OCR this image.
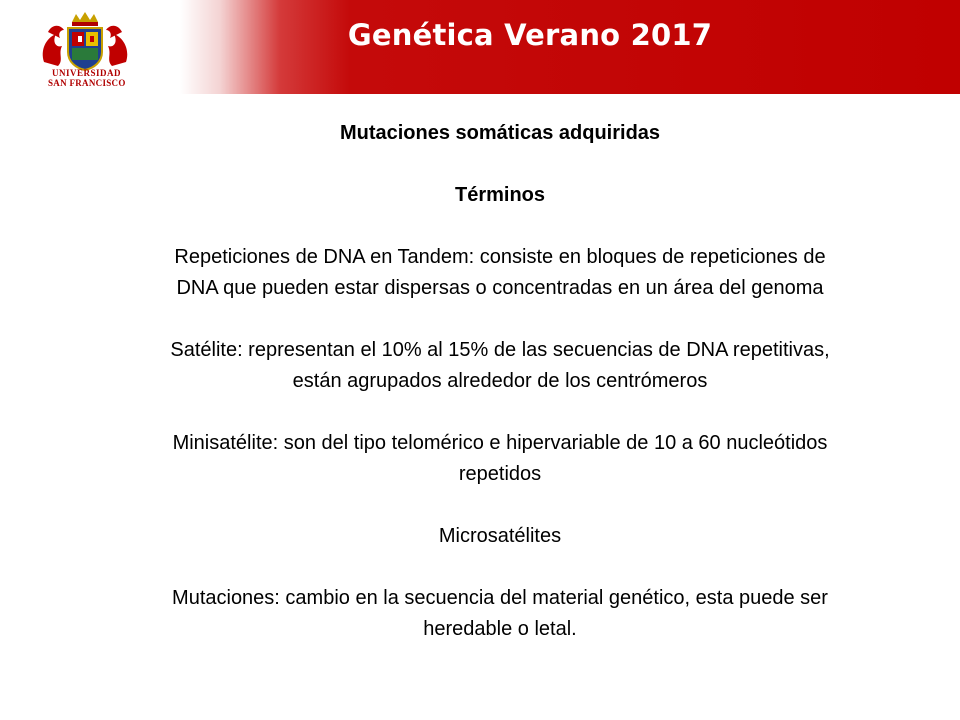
Genética Verano 2017
UNIVERSIDAD
SAN FRANCISCO

Mutaciones somáticas adquiridas

Términos

Repeticiones de DNA en Tandem: consiste en bloques de repeticiones de

DNA que pueden estar dispersas o concentradas en un área del genoma

Satélite: representan el 10% al 15% de las secuencias de DNA repetitivas,

están agrupados alrededor de los centrómeros

Minisatélite: son del tipo telomérico e hipervariable de 10 a 60 nucleótidos

repetidos

Microsatélites

Mutaciones: cambio en la secuencia del material genético, esta puede ser

heredable o letal.
